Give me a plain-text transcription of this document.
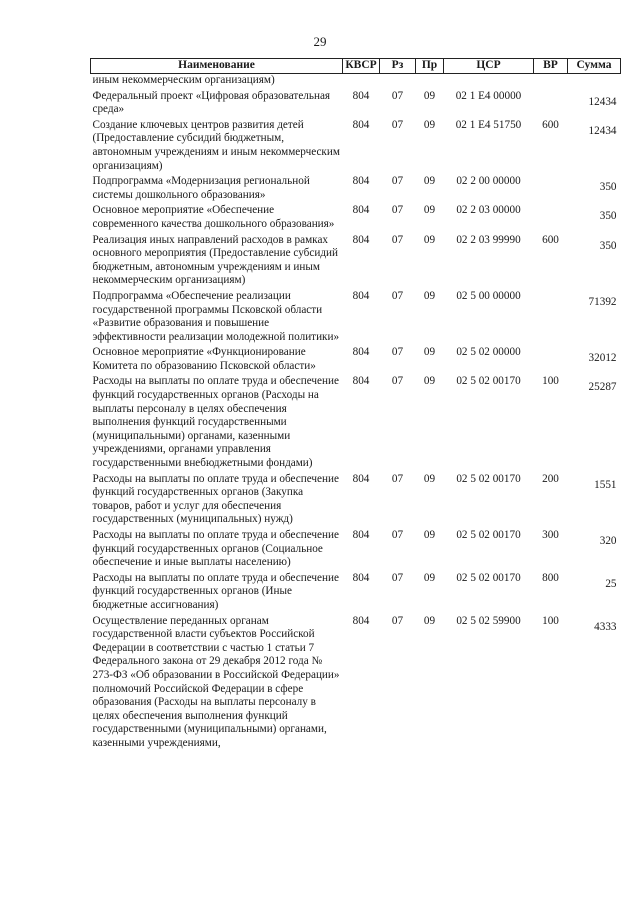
29
Наименование	КВСР	Рз	Пр	ЦСР	ВР	Сумма
иным некоммерческим организациям)						
Федеральный проект «Цифровая образовательная среда»	804	07	09	02 1 Е4 00000		12434
Создание ключевых центров развития детей (Предоставление субсидий бюджетным, автономным учреждениям и иным некоммерческим организациям)	804	07	09	02 1 Е4 51750	600	12434
Подпрограмма «Модернизация региональной системы дошкольного образования»	804	07	09	02 2 00 00000		350
Основное мероприятие «Обеспечение современного качества дошкольного образования»	804	07	09	02 2 03 00000		350
Реализация иных направлений расходов в рамках основного мероприятия (Предоставление субсидий бюджетным, автономным учреждениям и иным некоммерческим организациям)	804	07	09	02 2 03 99990	600	350
Подпрограмма «Обеспечение реализации государственной программы Псковской области «Развитие образования и повышение эффективности реализации молодежной политики»	804	07	09	02 5 00 00000		71392
Основное мероприятие «Функционирование Комитета по образованию Псковской области»	804	07	09	02 5 02 00000		32012
Расходы на выплаты по оплате труда и обеспечение функций государственных органов (Расходы на выплаты персоналу в целях обеспечения выполнения функций государственными (муниципальными) органами, казенными учреждениями, органами управления государственными внебюджетными фондами)	804	07	09	02 5 02 00170	100	25287
Расходы на выплаты по оплате труда и обеспечение функций государственных органов (Закупка товаров, работ и услуг для обеспечения государственных (муниципальных) нужд)	804	07	09	02 5 02 00170	200	1551
Расходы на выплаты по оплате труда и обеспечение функций государственных органов (Социальное обеспечение и иные выплаты населению)	804	07	09	02 5 02 00170	300	320
Расходы на выплаты по оплате труда и обеспечение функций государственных органов (Иные бюджетные ассигнования)	804	07	09	02 5 02 00170	800	25
Осуществление переданных органам государственной власти субъектов Российской Федерации в соответствии с частью 1 статьи 7 Федерального закона от 29 декабря 2012 года № 273-ФЗ «Об образовании в Российской Федерации» полномочий Российской Федерации в сфере образования (Расходы на выплаты персоналу в целях обеспечения выполнения функций государственными (муниципальными) органами, казенными учреждениями,	804	07	09	02 5 02 59900	100	4333
